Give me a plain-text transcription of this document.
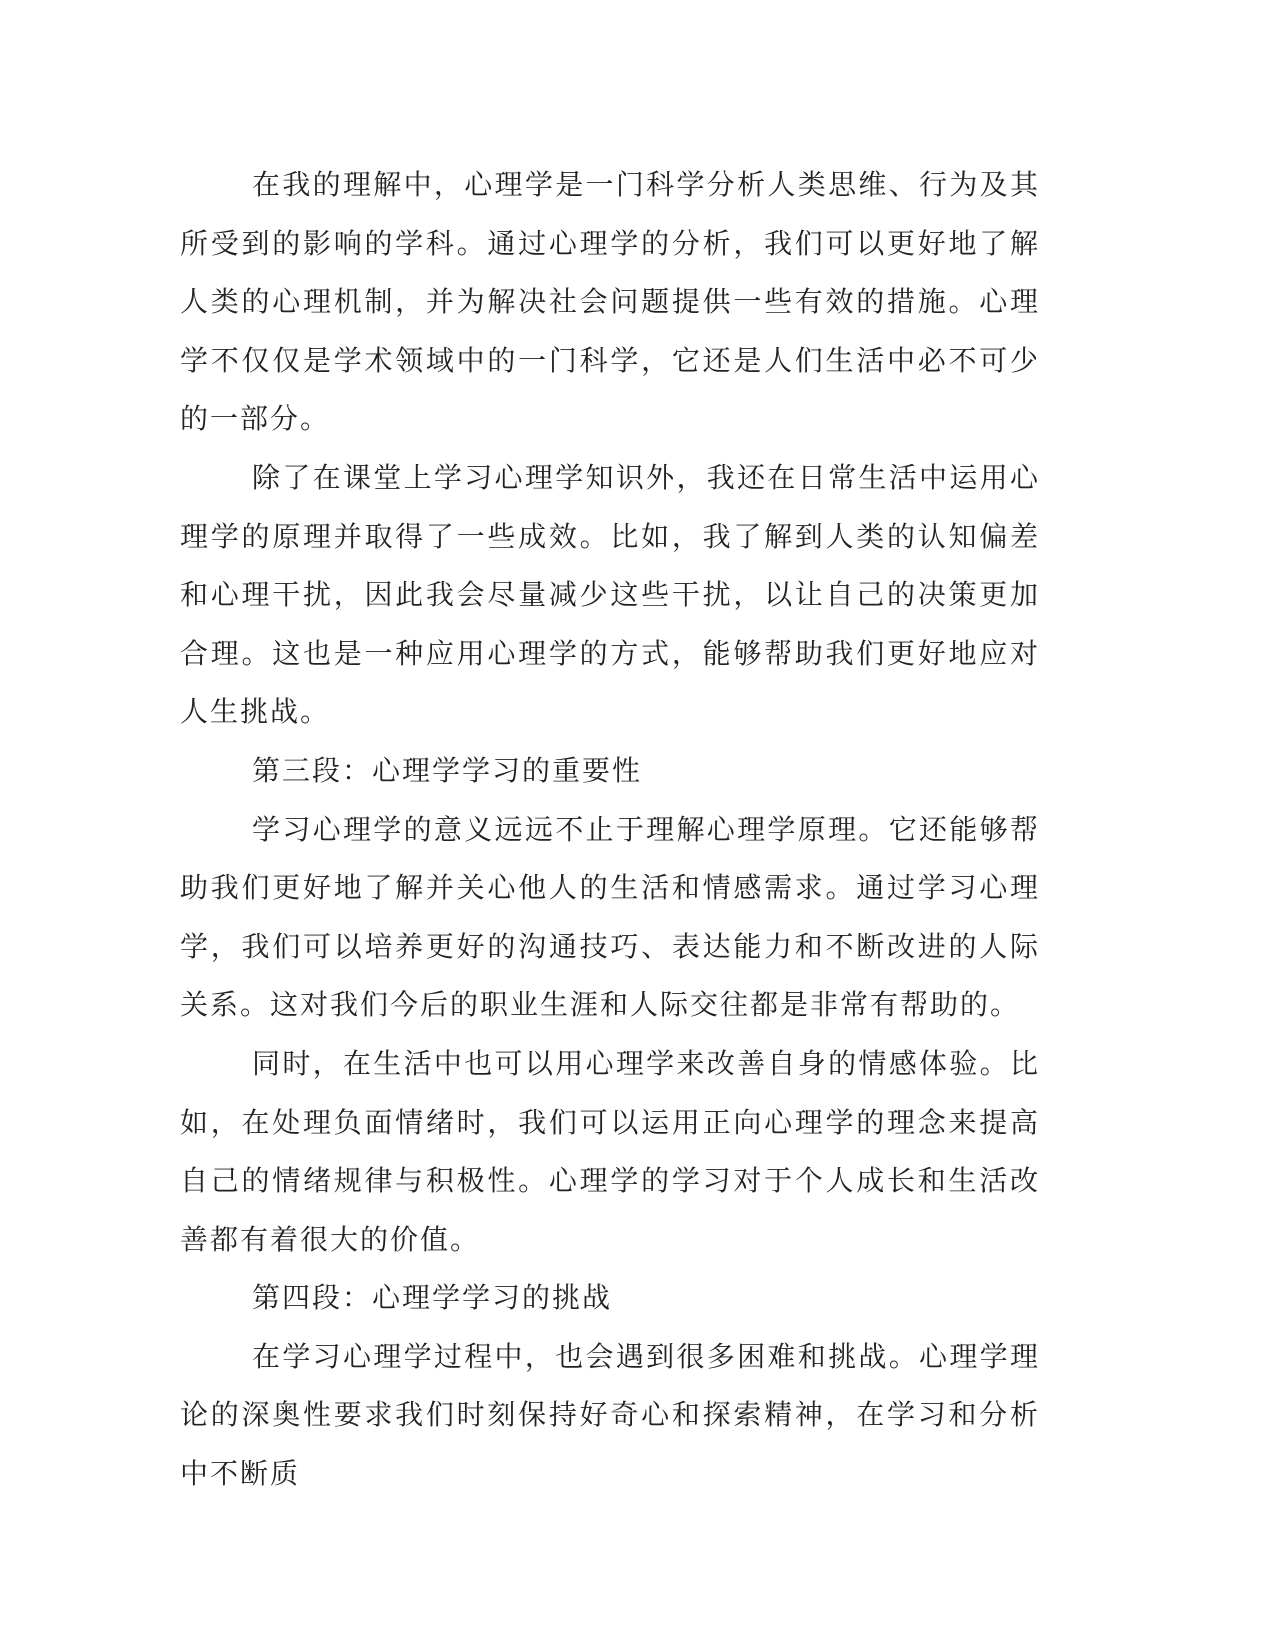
在我的理解中，心理学是一门科学分析人类思维、行为及其所受到的影响的学科。通过心理学的分析，我们可以更好地了解人类的心理机制，并为解决社会问题提供一些有效的措施。心理学不仅仅是学术领域中的一门科学，它还是人们生活中必不可少的一部分。

除了在课堂上学习心理学知识外，我还在日常生活中运用心理学的原理并取得了一些成效。比如，我了解到人类的认知偏差和心理干扰，因此我会尽量减少这些干扰，以让自己的决策更加合理。这也是一种应用心理学的方式，能够帮助我们更好地应对人生挑战。

第三段：心理学学习的重要性

学习心理学的意义远远不止于理解心理学原理。它还能够帮助我们更好地了解并关心他人的生活和情感需求。通过学习心理学，我们可以培养更好的沟通技巧、表达能力和不断改进的人际关系。这对我们今后的职业生涯和人际交往都是非常有帮助的。

同时，在生活中也可以用心理学来改善自身的情感体验。比如，在处理负面情绪时，我们可以运用正向心理学的理念来提高自己的情绪规律与积极性。心理学的学习对于个人成长和生活改善都有着很大的价值。

第四段：心理学学习的挑战

在学习心理学过程中，也会遇到很多困难和挑战。心理学理论的深奥性要求我们时刻保持好奇心和探索精神，在学习和分析中不断质
